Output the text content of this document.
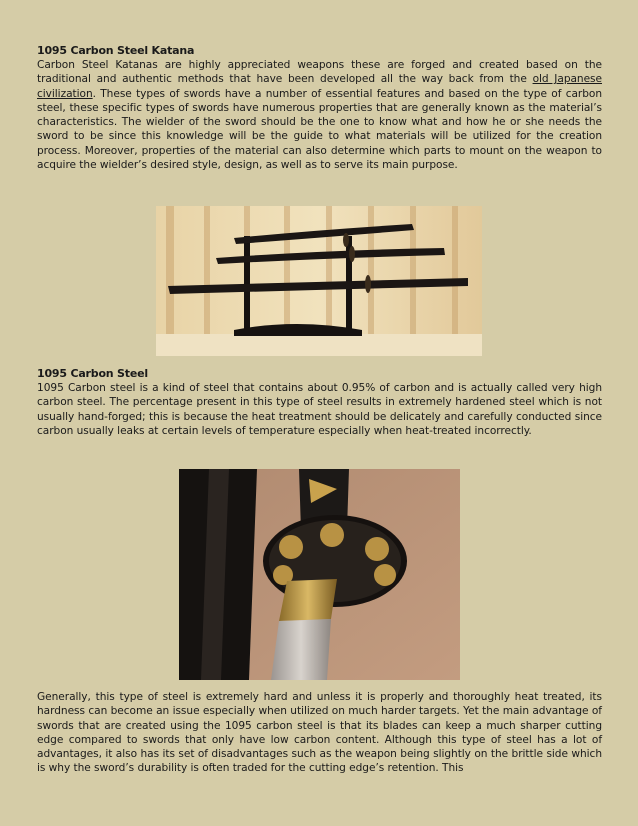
1095 Carbon Steel Katana

Carbon Steel Katanas are highly appreciated weapons these are forged and created based on the traditional and authentic methods that have been developed all the way back from the old Japanese civilization. These types of swords have a number of essential features and based on the type of carbon steel, these specific types of swords have numerous properties that are generally known as the material’s characteristics. The wielder of the sword should be the one to know what and how he or she needs the sword to be since this knowledge will be the guide to what materials will be utilized for the creation process. Moreover, properties of the material can also determine which parts to mount on the weapon to acquire the wielder’s desired style, design, as well as to serve its main purpose.

1095 Carbon Steel

1095 Carbon steel is a kind of steel that contains about 0.95% of carbon and is actually called very high carbon steel. The percentage present in this type of steel results in extremely hardened steel which is not usually hand-forged; this is because the heat treatment should be delicately and carefully conducted since carbon usually leaks at certain levels of temperature especially when heat-treated incorrectly.

Generally, this type of steel is extremely hard and unless it is properly and thoroughly heat treated, its hardness can become an issue especially when utilized on much harder targets. Yet the main advantage of swords that are created using the 1095 carbon steel is that its blades can keep a much sharper cutting edge compared to swords that only have low carbon content. Although this type of steel has a lot of advantages, it also has its set of disadvantages such as the weapon being slightly on the brittle side which is why the sword’s durability is often traded for the cutting edge’s retention. This
